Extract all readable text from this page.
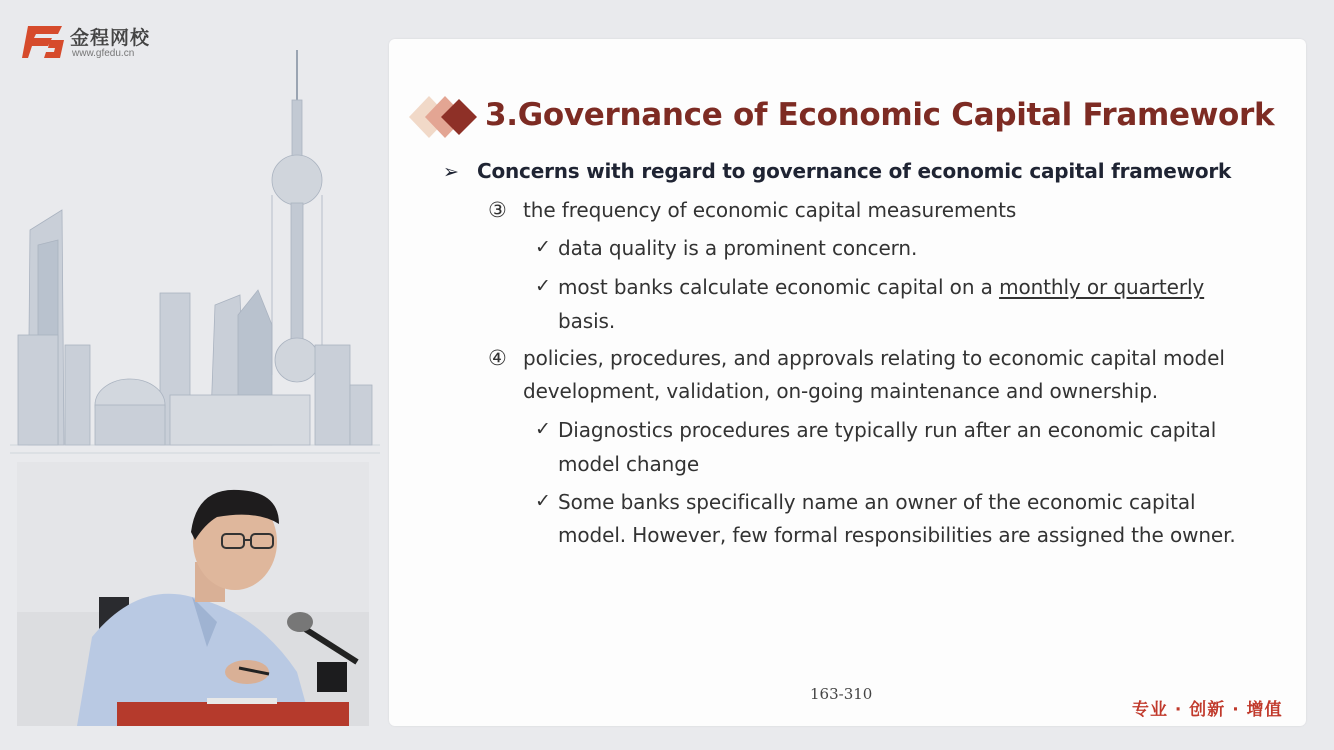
金程网校
www.gfedu.cn
3.Governance of Economic Capital Framework
➢ Concerns with regard to governance of economic capital framework
③ the frequency of economic capital measurements
✓ data quality is a prominent concern.
✓ most banks calculate economic capital on a monthly or quarterly
basis.
④ policies, procedures, and approvals relating to economic capital model
development, validation, on-going maintenance and ownership.
✓ Diagnostics procedures are typically run after an economic capital
model change
✓ Some banks specifically name an owner of the economic capital
model. However, few formal responsibilities are assigned the owner.
163-310
专业 · 创新 · 增值
